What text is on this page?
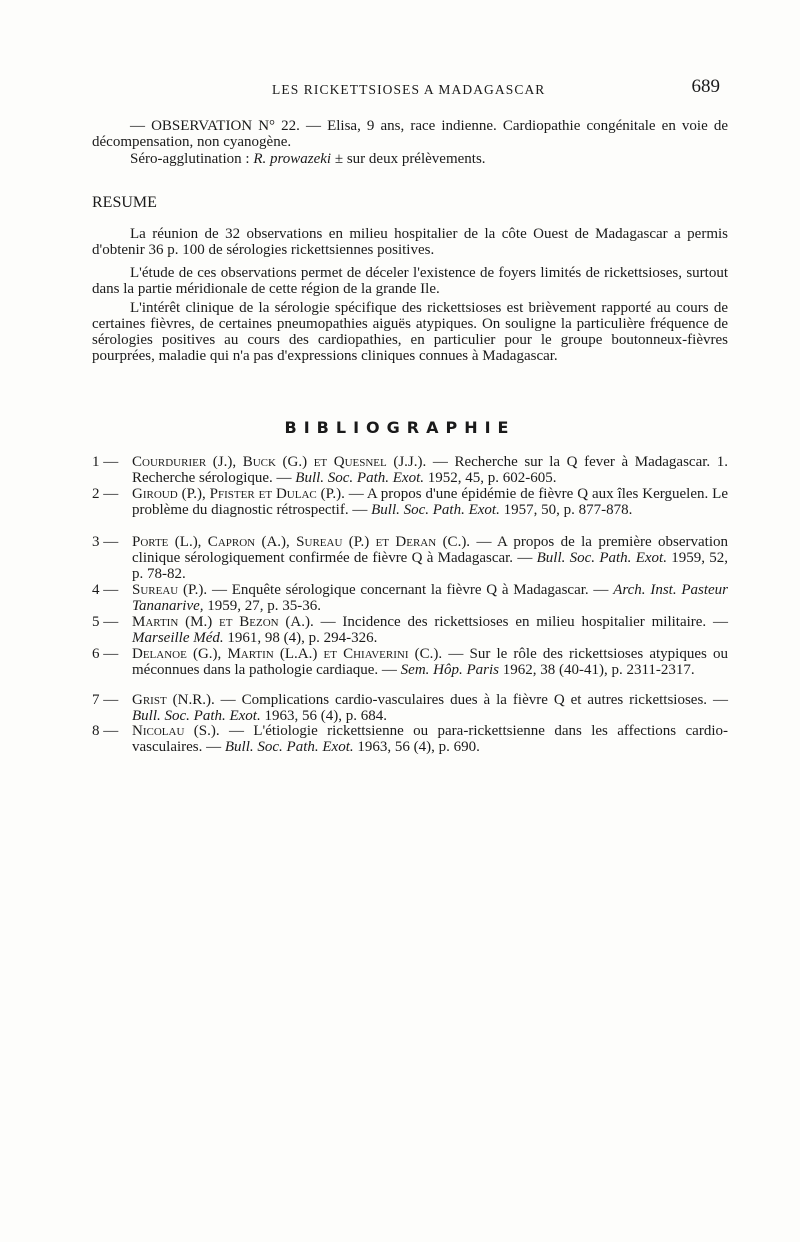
LES RICKETTSIOSES A MADAGASCAR	689
— OBSERVATION N° 22. — Elisa, 9 ans, race indienne. Cardiopathie congénitale en voie de décompensation, non cyanogène.
Séro-agglutination : R. prowazeki ± sur deux prélèvements.
RESUME
La réunion de 32 observations en milieu hospitalier de la côte Ouest de Madagascar a permis d'obtenir 36 p. 100 de sérologies rickettsiennes positives.
L'étude de ces observations permet de déceler l'existence de foyers limités de rickettsioses, surtout dans la partie méridionale de cette région de la grande Ile.
L'intérêt clinique de la sérologie spécifique des rickettsioses est brièvement rapporté au cours de certaines fièvres, de certaines pneumopathies aiguës atypiques. On souligne la particulière fréquence de sérologies positives au cours des cardiopathies, en particulier pour le groupe boutonneux-fièvres pourprées, maladie qui n'a pas d'expressions cliniques connues à Madagascar.
BIBLIOGRAPHIE
1 — Courdurier (J.), Buck (G.) et Quesnel (J.J.). — Recherche sur la Q fever à Madagascar. 1. Recherche sérologique. — Bull. Soc. Path. Exot. 1952, 45, p. 602-605.
2 — Giroud (P.), Pfister et Dulac (P.). — A propos d'une épidémie de fièvre Q aux îles Kerguelen. Le problème du diagnostic rétrospectif. — Bull. Soc. Path. Exot. 1957, 50, p. 877-878.
3 — Porte (L.), Capron (A.), Sureau (P.) et Deran (C.). — A propos de la première observation clinique sérologiquement confirmée de fièvre Q à Madagascar. — Bull. Soc. Path. Exot. 1959, 52, p. 78-82.
4 — Sureau (P.). — Enquête sérologique concernant la fièvre Q à Madagascar. — Arch. Inst. Pasteur Tananarive, 1959, 27, p. 35-36.
5 — Martin (M.) et Bezon (A.). — Incidence des rickettsioses en milieu hospitalier militaire. — Marseille Méd. 1961, 98 (4), p. 294-326.
6 — Delanoe (G.), Martin (L.A.) et Chiaverini (C.). — Sur le rôle des rickettsioses atypiques ou méconnues dans la pathologie cardiaque. — Sem. Hôp. Paris 1962, 38 (40-41), p. 2311-2317.
7 — Grist (N.R.). — Complications cardio-vasculaires dues à la fièvre Q et autres rickettsioses. — Bull. Soc. Path. Exot. 1963, 56 (4), p. 684.
8 — Nicolau (S.). — L'étiologie rickettsienne ou para-rickettsienne dans les affections cardio-vasculaires. — Bull. Soc. Path. Exot. 1963, 56 (4), p. 690.
